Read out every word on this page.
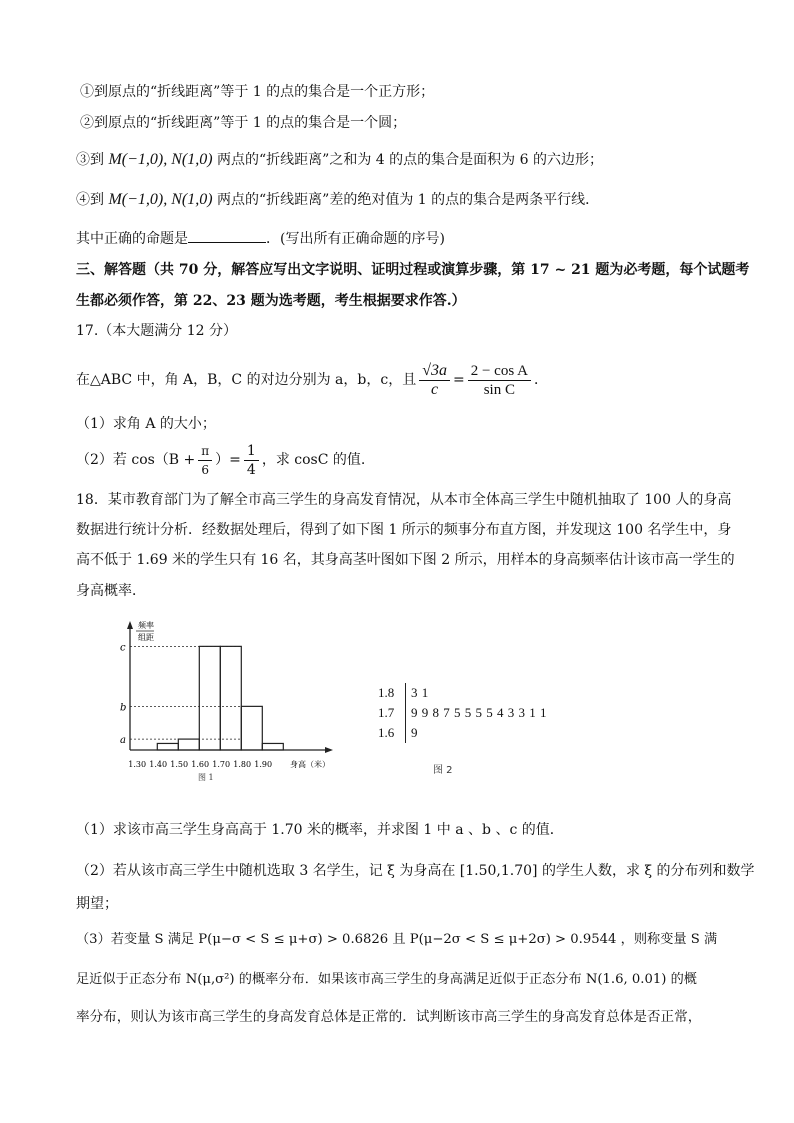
①到原点的“折线距离”等于 1 的点的集合是一个正方形；
②到原点的“折线距离”等于 1 的点的集合是一个圆；
③到 M(−1,0), N(1,0) 两点的“折线距离”之和为 4 的点的集合是面积为 6 的六边形；
④到 M(−1,0), N(1,0) 两点的“折线距离”差的绝对值为 1 的点的集合是两条平行线．
其中正确的命题是	．(写出所有正确命题的序号)
三、解答题（共 70 分，解答应写出文字说明、证明过程或演算步骤，第 17 ~ 21 题为必考题，每个试题考
生都必须作答，第 22、23 题为选考题，考生根据要求作答.）
17.（本大题满分 12 分）
在△ABC 中，角 A，B，C 的对边分别为 a，b，c，且 $\frac{√3a}{c} = \frac{\text{2 − cos A}}{\text{sin C}}$ ．
（1）求角 A 的大小；
（2）若 $\cos(B + \frac{\pi}{6}$ ）= $\frac{1}{4}$ ，求 cosC 的值.
18．某市教育部门为了解全市高三学生的身高发育情况，从本市全体高三学生中随机抽取了 100 人的身高
数据进行统计分析．经数据处理后，得到了如下图 1 所示的频事分布直方图，并发现这 100 名学生中，身
高不低于 1.69 米的学生只有 16 名，其身高茎叶图如下图 2 所示，用样本的身高频率估计该市高一学生的
身高概率．
频率
组距
a
b
c
1.30 1.40 1.50 1.60 1.70 1.80 1.90 身高（米）
图 1
1.8 3 1
1.7 9 9 8 7 5 5 5 5 4 3 3 1 1
1.6 9
图 2
（1）求该市高三学生身高高于 1.70 米的概率，并求图 1 中 a 、b 、c 的值．
（2）若从该市高三学生中随机选取 3 名学生，记 ξ 为身高在 [1.50,1.70] 的学生人数，求 ξ 的分布列和数学
期望；
（3）若变量 S 满足 P(μ−σ < S ≤ μ+σ) > 0.6826 且 P(μ−2σ < S ≤ μ+2σ) > 0.9544 ，则称变量 S 满
足近似于正态分布 N(μ,σ²) 的概率分布．如果该市高三学生的身高满足近似于正态分布 N(1.6, 0.01) 的概
率分布，则认为该市高三学生的身高发育总体是正常的．试判断该市高三学生的身高发育总体是否正常，
